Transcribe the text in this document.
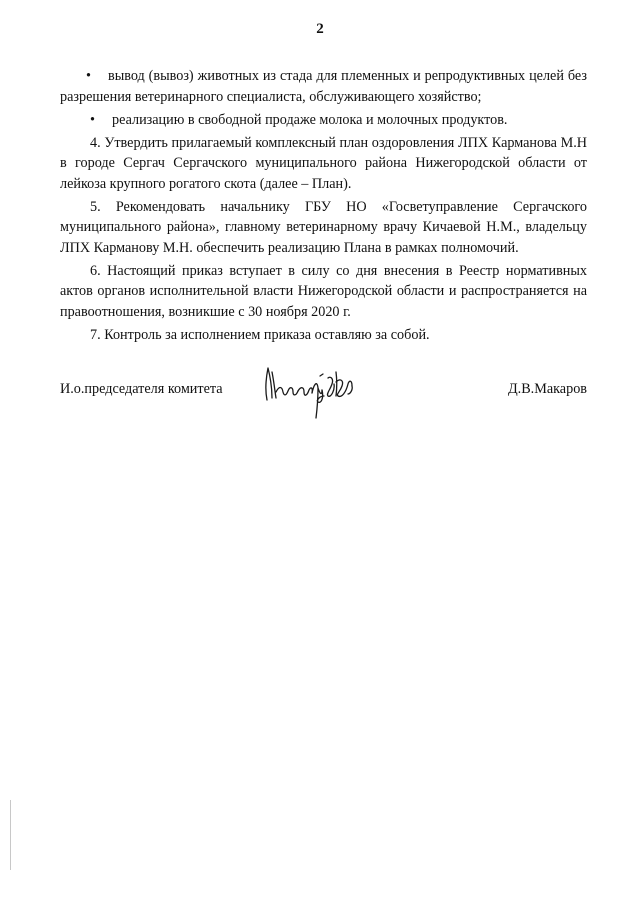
2

• вывод (вывоз) животных из стада для племенных и репродуктивных целей без разрешения ветеринарного специалиста, обслуживающего хозяйство;

• реализацию в свободной продаже молока и молочных продуктов.

4. Утвердить прилагаемый комплексный план оздоровления ЛПХ Карманова М.Н в городе Сергач Сергачского муниципального района Нижегородской области от лейкоза крупного рогатого скота (далее – План).

5. Рекомендовать начальнику ГБУ НО «Госветуправление Сергачского муниципального района», главному ветеринарному врачу Кичаевой Н.М., владельцу ЛПХ Карманову М.Н. обеспечить реализацию Плана в рамках полномочий.

6. Настоящий приказ вступает в силу со дня внесения в Реестр нормативных актов органов исполнительной власти Нижегородской области и распространяется на правоотношения, возникшие с 30 ноября 2020 г.

7. Контроль за исполнением приказа оставляю за собой.

И.о.председателя комитета	Д.В.Макаров
